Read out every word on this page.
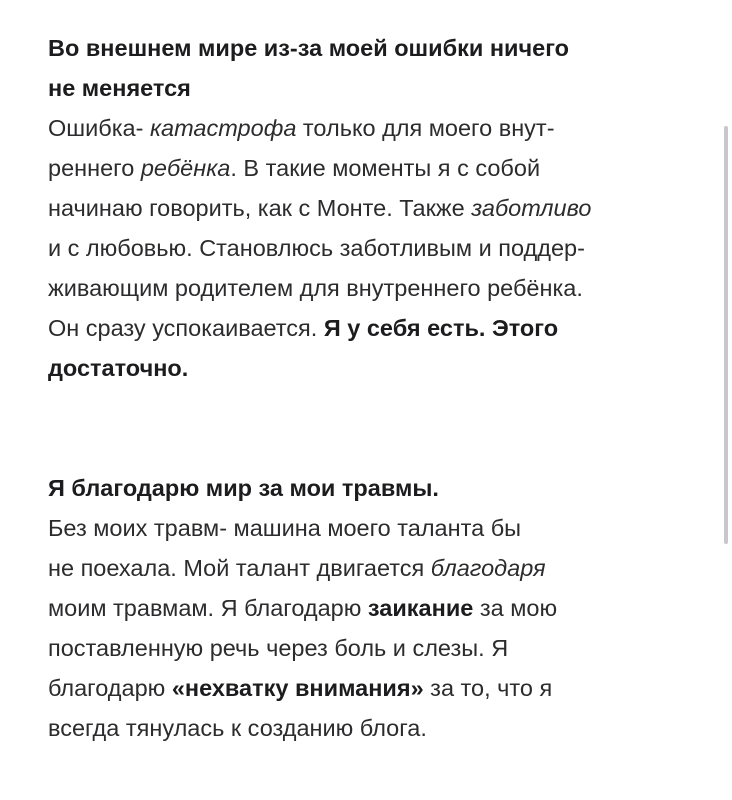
Во внешнем мире из-за моей ошибки ничего
не меняется

Ошибка- катастрофа только для моего внут-
реннего ребёнка. В такие моменты я с собой
начинаю говорить, как с Монте. Также заботливо
и с любовью. Становлюсь заботливым и поддер-
живающим родителем для внутреннего ребёнка.
Он сразу успокаивается. Я у себя есть. Этого
достаточно.

Я благодарю мир за мои травмы.

Без моих травм- машина моего таланта бы
не поехала. Мой талант двигается благодаря
моим травмам. Я благодарю заикание за мою
поставленную речь через боль и слезы. Я
благодарю «нехватку внимания» за то, что я
всегда тянулась к созданию блога.
